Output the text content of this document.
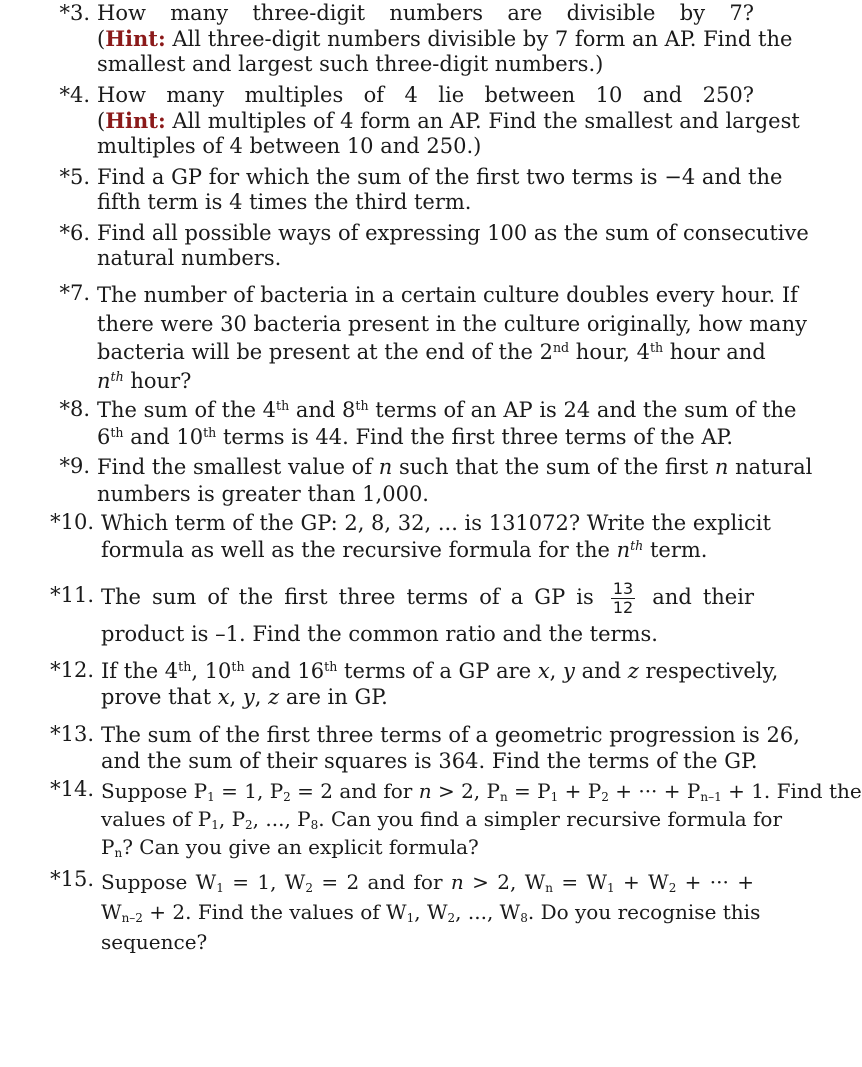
*3. How many three-digit numbers are divisible by 7?
(Hint: All three-digit numbers divisible by 7 form an AP. Find the
smallest and largest such three-digit numbers.)
*4. How many multiples of 4 lie between 10 and 250?
(Hint: All multiples of 4 form an AP. Find the smallest and largest
multiples of 4 between 10 and 250.)
*5. Find a GP for which the sum of the first two terms is −4 and the
fifth term is 4 times the third term.
*6. Find all possible ways of expressing 100 as the sum of consecutive
natural numbers.
*7. The number of bacteria in a certain culture doubles every hour. If
there were 30 bacteria present in the culture originally, how many
bacteria will be present at the end of the 2nd hour, 4th hour and
$n^{th}$ hour?
*8. The sum of the 4th and 8th terms of an AP is 24 and the sum of the
6th and 10th terms is 44. Find the first three terms of the AP.
*9. Find the smallest value of n such that the sum of the first n natural
numbers is greater than 1,000.
*10. Which term of the GP: 2, 8, 32, ... is 131072? Write the explicit
formula as well as the recursive formula for the $n^{th}$ term.
*11. The sum of the first three terms of a GP is $\frac{13}{12}$ and their
product is –1. Find the common ratio and the terms.
*12. If the 4th, 10th and 16th terms of a GP are x, y and z respectively,
prove that x, y, z are in GP.
*13. The sum of the first three terms of a geometric progression is 26,
and the sum of their squares is 364. Find the terms of the GP.
*14. Suppose $P_1 = 1$, $P_2 = 2$ and for n > 2, $P_n = P_1 + P_2$ + ··· + $P_{n-1} + 1$. Find the
values of $P_1$, $P_2$, ..., $P_8$. Can you find a simpler recursive formula for
$P_n$? Can you give an explicit formula?
*15. Suppose $W_1 = 1$, $W_2 = 2$ and for n > 2, $W_n = W_1 + W_2$ + ··· +
$W_{n-2} + 2$. Find the values of $W_1$, $W_2$, ..., $W_8$. Do you recognise this
sequence?
